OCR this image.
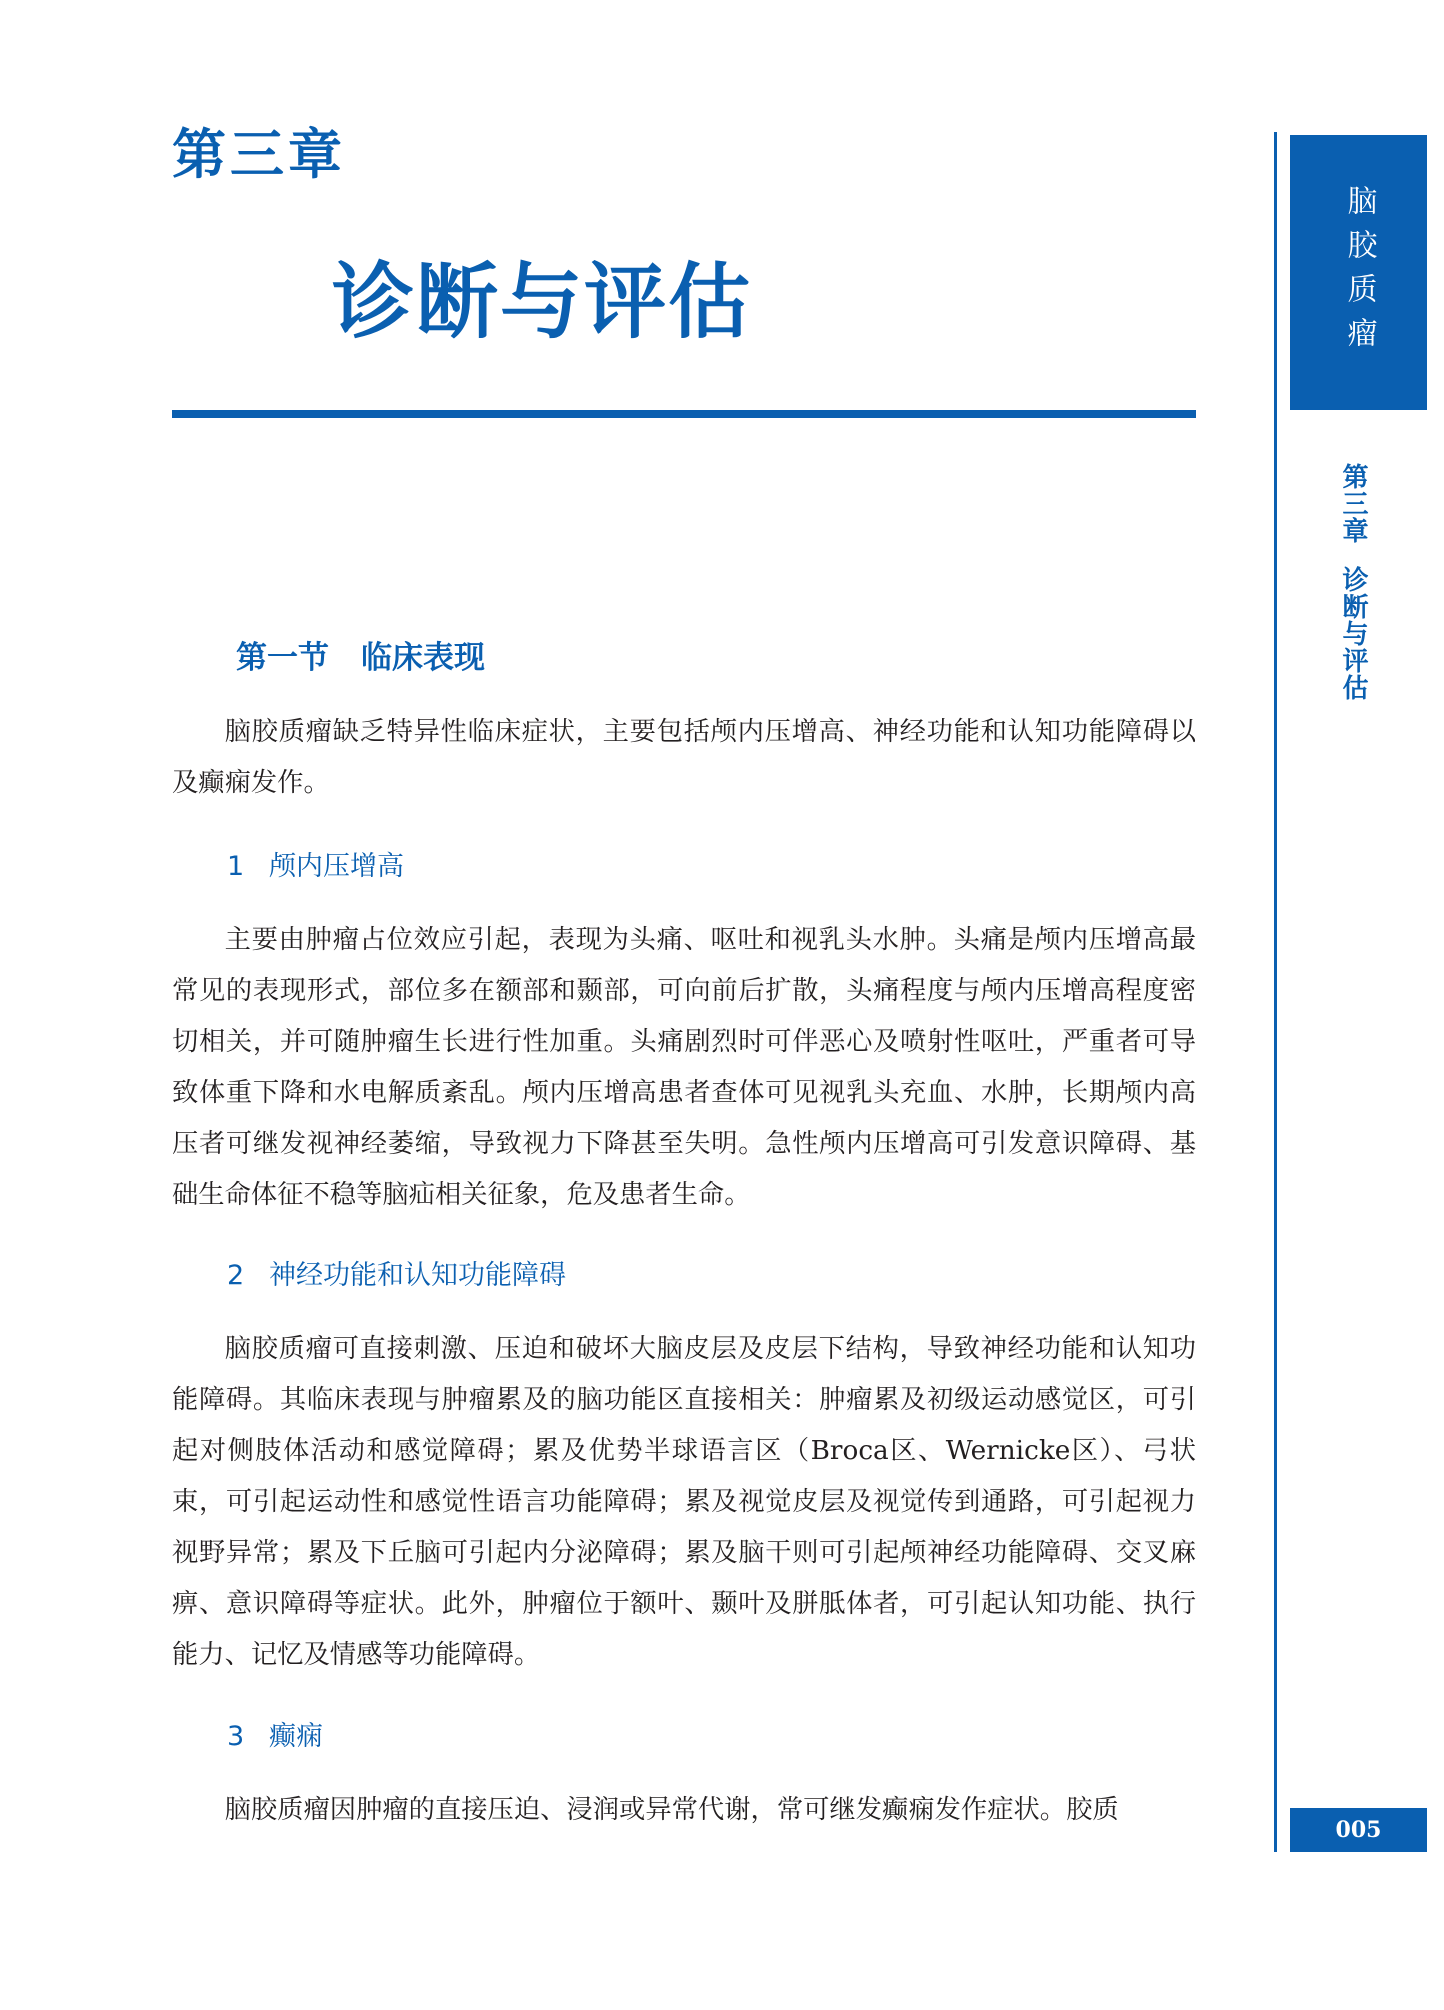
第三章
诊断与评估	脑胶质瘤
第三章诊断与评估
005
第一节 临床表现

脑胶质瘤缺乏特异性临床症状，主要包括颅内压增高、神经功能和认知功能障碍以及癫痫发作。

1 颅内压增高

主要由肿瘤占位效应引起，表现为头痛、呕吐和视乳头水肿。头痛是颅内压增高最常见的表现形式，部位多在额部和颞部，可向前后扩散，头痛程度与颅内压增高程度密切相关，并可随肿瘤生长进行性加重。头痛剧烈时可伴恶心及喷射性呕吐，严重者可导致体重下降和水电解质紊乱。颅内压增高患者查体可见视乳头充血、水肿，长期颅内高压者可继发视神经萎缩，导致视力下降甚至失明。急性颅内压增高可引发意识障碍、基础生命体征不稳等脑疝相关征象，危及患者生命。

2 神经功能和认知功能障碍

脑胶质瘤可直接刺激、压迫和破坏大脑皮层及皮层下结构，导致神经功能和认知功能障碍。其临床表现与肿瘤累及的脑功能区直接相关：肿瘤累及初级运动感觉区，可引起对侧肢体活动和感觉障碍；累及优势半球语言区（Broca区、Wernicke区）、弓状束，可引起运动性和感觉性语言功能障碍；累及视觉皮层及视觉传到通路，可引起视力视野异常；累及下丘脑可引起内分泌障碍；累及脑干则可引起颅神经功能障碍、交叉麻痹、意识障碍等症状。此外，肿瘤位于额叶、颞叶及胼胝体者，可引起认知功能、执行能力、记忆及情感等功能障碍。

3 癫痫

脑胶质瘤因肿瘤的直接压迫、浸润或异常代谢，常可继发癫痫发作症状。胶质
